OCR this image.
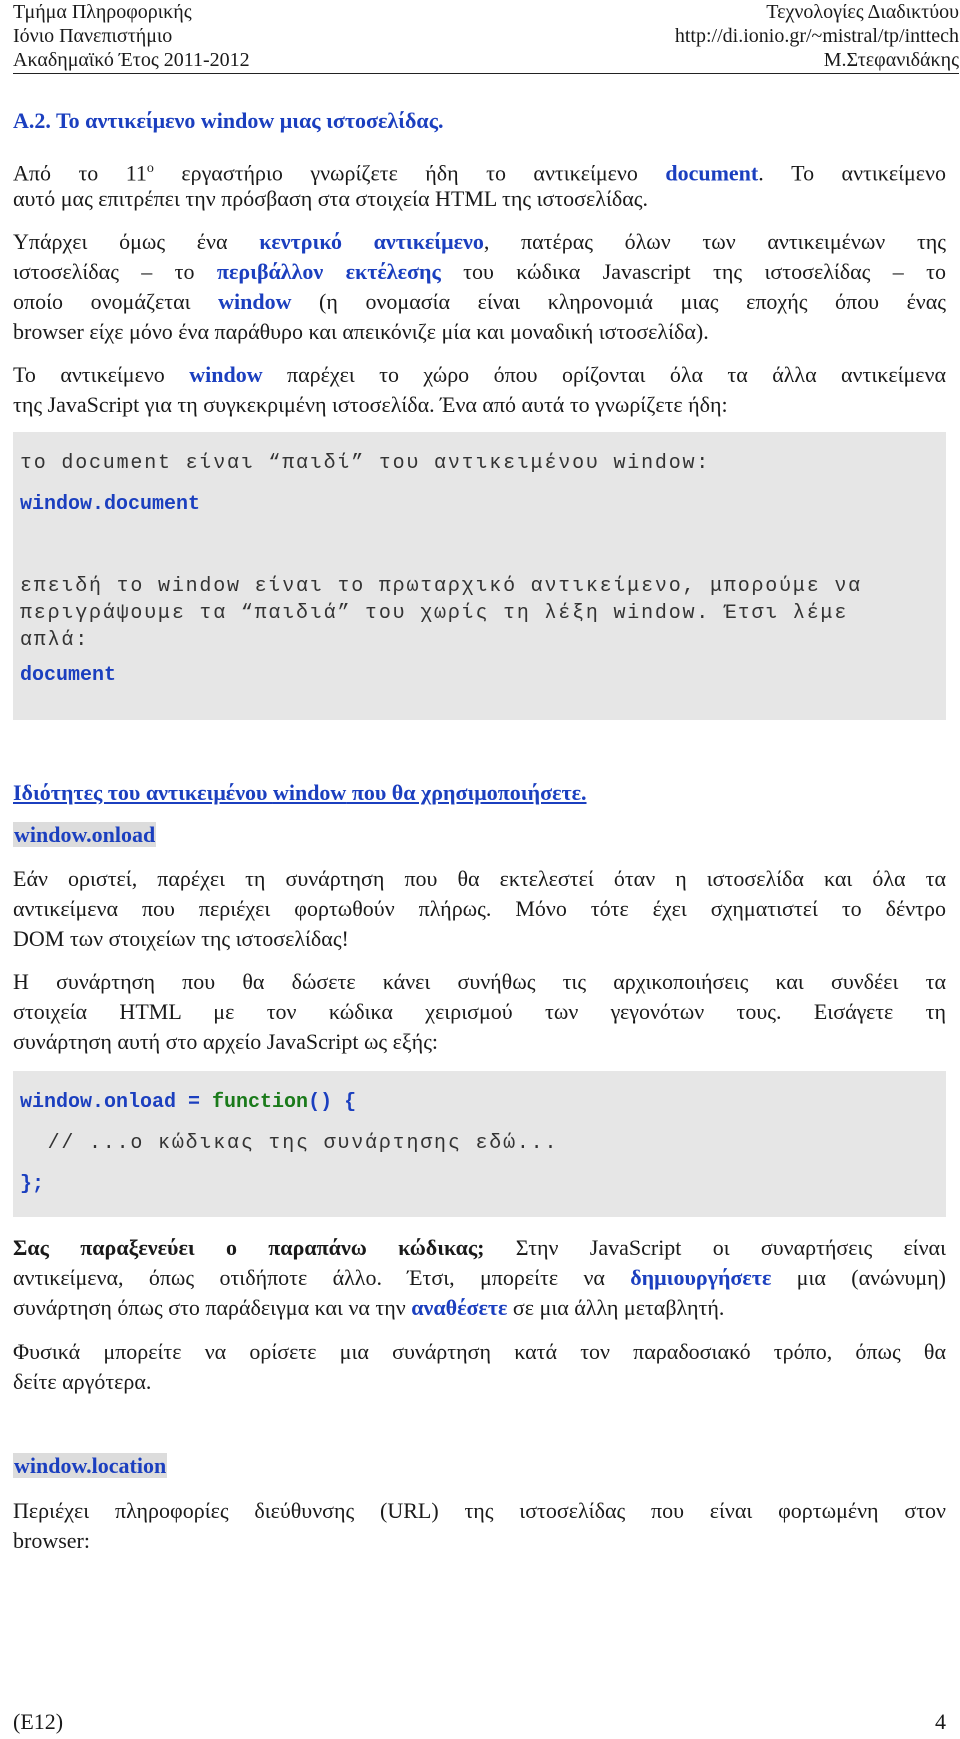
Τμήμα Πληροφορικής	Τεχνολογίες Διαδικτύου
Ιόνιο Πανεπιστήμιο	http://di.ionio.gr/~mistral/tp/inttech
Ακαδημαϊκό Έτος 2011-2012	Μ.Στεφανιδάκης
Α.2. Το αντικείμενο window μιας ιστοσελίδας.
Από το $11^o$ εργαστήριο γνωρίζετε ήδη το αντικείμενο document. Το αντικείμενο
αυτό μας επιτρέπει την πρόσβαση στα στοιχεία HTML της ιστοσελίδας.
Υπάρχει όμως ένα κεντρικό αντικείμενο, πατέρας όλων των αντικειμένων της
ιστοσελίδας – το περιβάλλον εκτέλεσης του κώδικα Javascript της ιστοσελίδας – το
οποίο ονομάζεται window (η ονομασία είναι κληρονομιά μιας εποχής όπου ένας
browser είχε μόνο ένα παράθυρο και απεικόνιζε μία και μοναδική ιστοσελίδα).
Το αντικείμενο window παρέχει το χώρο όπου ορίζονται όλα τα άλλα αντικείμενα
της JavaScript για τη συγκεκριμένη ιστοσελίδα. Ένα από αυτά το γνωρίζετε ήδη:
το document είναι “παιδί” του αντικειμένου window:
window.document
επειδή το window είναι το πρωταρχικό αντικείμενο, μπορούμε να
περιγράψουμε τα “παιδιά” του χωρίς τη λέξη window. Έτσι λέμε
απλά:
document
Ιδιότητες του αντικειμένου window που θα χρησιμοποιήσετε.
window.onload
Εάν οριστεί, παρέχει τη συνάρτηση που θα εκτελεστεί όταν η ιστοσελίδα και όλα τα
αντικείμενα που περιέχει φορτωθούν πλήρως. Μόνο τότε έχει σχηματιστεί το δέντρο
DOM των στοιχείων της ιστοσελίδας!
Η συνάρτηση που θα δώσετε κάνει συνήθως τις αρχικοποιήσεις και συνδέει τα
στοιχεία HTML με τον κώδικα χειρισμού των γεγονότων τους. Εισάγετε τη
συνάρτηση αυτή στο αρχείο JavaScript ως εξής:
window.onload = function() {
// ...ο κώδικας της συνάρτησης εδώ...
};
Σας παραξενεύει ο παραπάνω κώδικας; Στην JavaScript οι συναρτήσεις είναι
αντικείμενα, όπως οτιδήποτε άλλο. Έτσι, μπορείτε να δημιουργήσετε μια (ανώνυμη)
συνάρτηση όπως στο παράδειγμα και να την αναθέσετε σε μια άλλη μεταβλητή.
Φυσικά μπορείτε να ορίσετε μια συνάρτηση κατά τον παραδοσιακό τρόπο, όπως θα
δείτε αργότερα.
window.location
Περιέχει πληροφορίες διεύθυνσης (URL) της ιστοσελίδας που είναι φορτωμένη στον
browser:
(E12)	4
